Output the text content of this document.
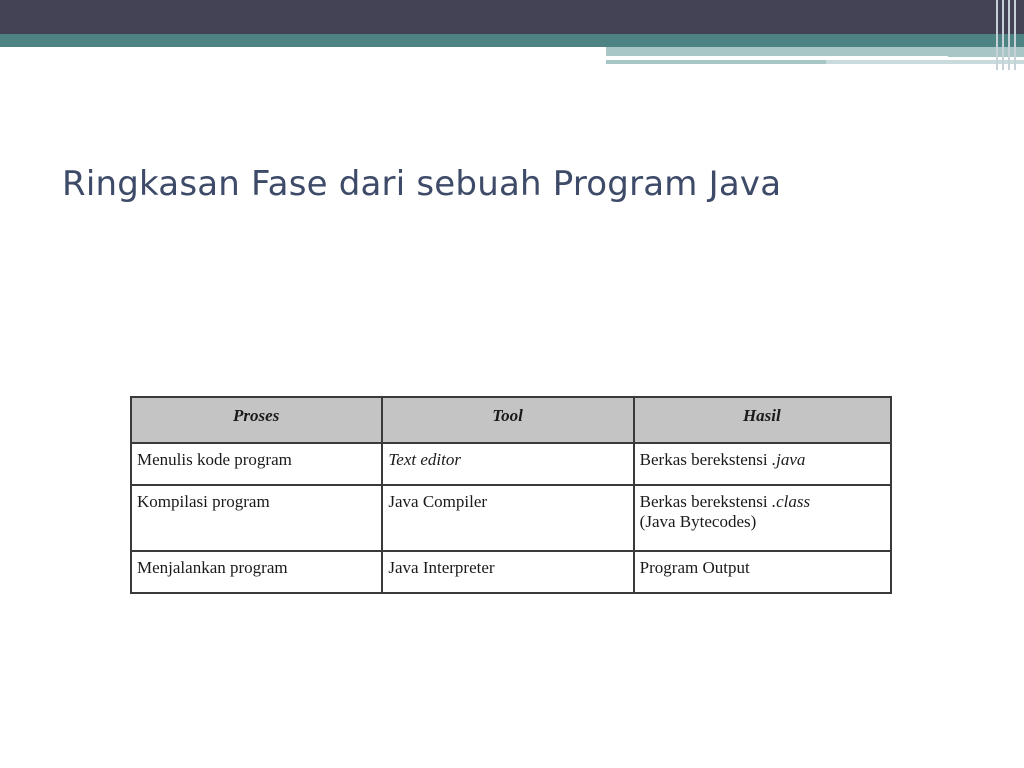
Ringkasan Fase dari sebuah Program Java
Proses	Tool	Hasil
Menulis kode program	Text editor	Berkas berekstensi .java
Kompilasi program	Java Compiler	Berkas berekstensi .class
(Java Bytecodes)
Menjalankan program	Java Interpreter	Program Output
